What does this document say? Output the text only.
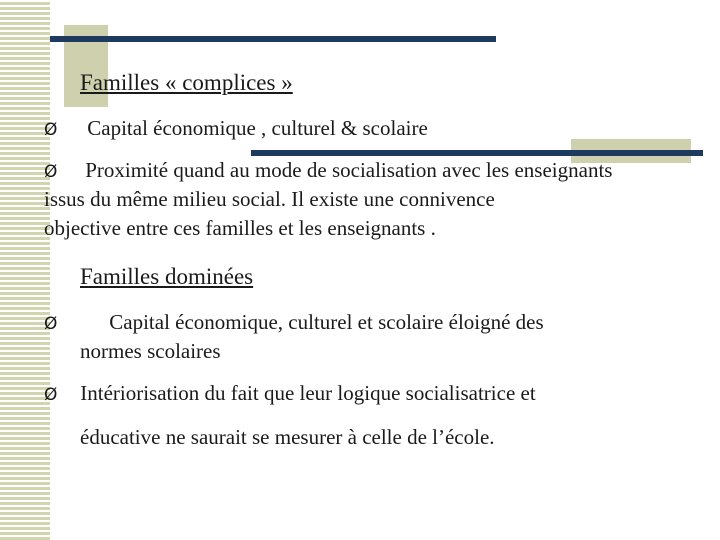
Familles « complices »
Ø Capital économique , culturel & scolaire
Ø Proximité quand au mode de socialisation avec les enseignants
issus du même milieu social. Il existe une connivence
objective entre ces familles et les enseignants .
Familles dominées
Ø Capital économique, culturel et scolaire éloigné des
normes scolaires
Ø Intériorisation du fait que leur logique socialisatrice et
éducative ne saurait se mesurer à celle de l’école.
